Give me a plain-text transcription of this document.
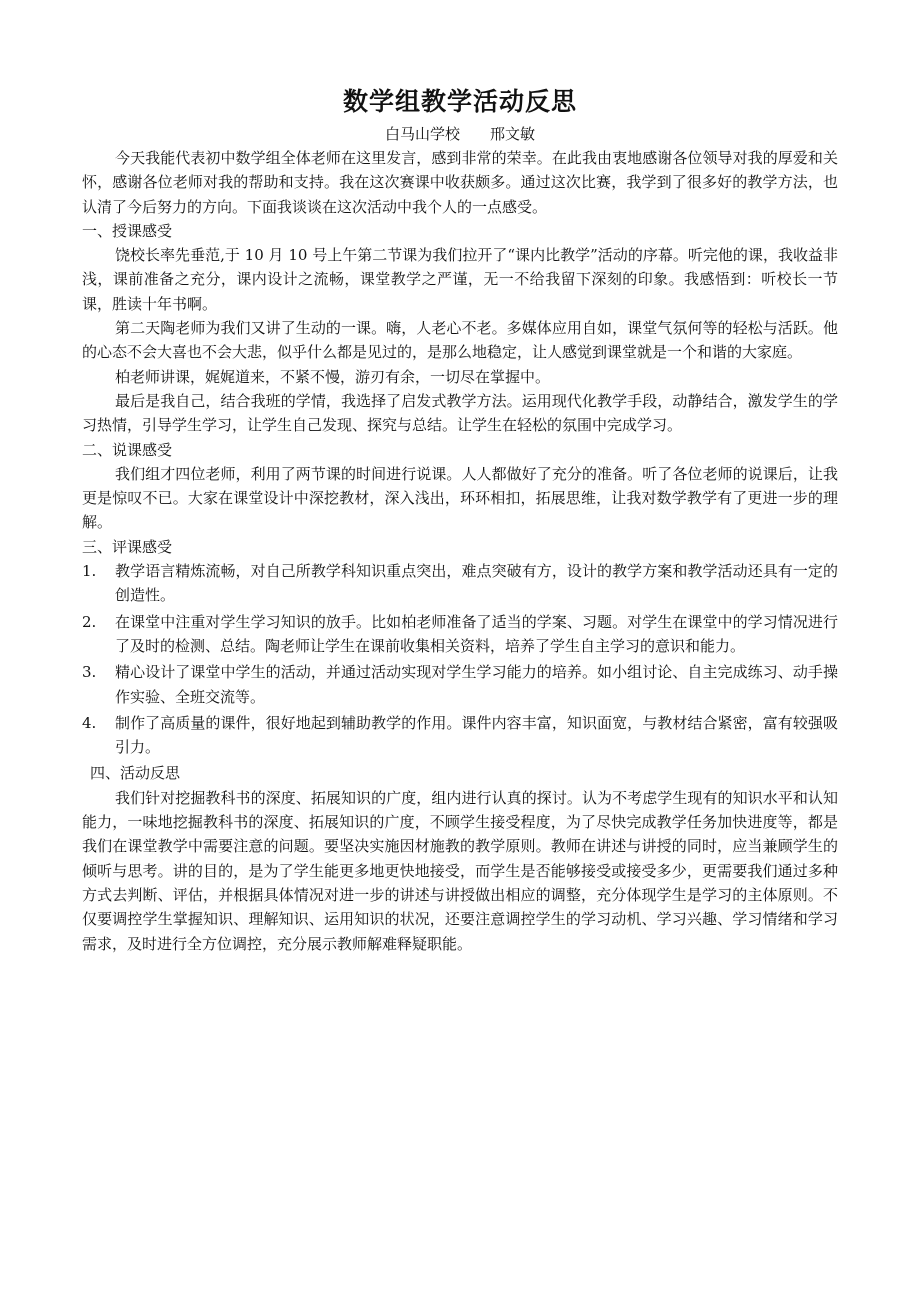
数学组教学活动反思
白马山学校 邢文敏

今天我能代表初中数学组全体老师在这里发言，感到非常的荣幸。在此我由衷地感谢各位领导对我的厚爱和关怀，感谢各位老师对我的帮助和支持。我在这次赛课中收获颇多。通过这次比赛，我学到了很多好的教学方法，也认清了今后努力的方向。下面我谈谈在这次活动中我个人的一点感受。

一、授课感受

饶校长率先垂范,于 10 月 10 号上午第二节课为我们拉开了“课内比教学”活动的序幕。听完他的课，我收益非浅，课前准备之充分，课内设计之流畅，课堂教学之严谨，无一不给我留下深刻的印象。我感悟到：听校长一节课，胜读十年书啊。

第二天陶老师为我们又讲了生动的一课。嗨，人老心不老。多媒体应用自如，课堂气氛何等的轻松与活跃。他的心态不会大喜也不会大悲，似乎什么都是见过的，是那么地稳定，让人感觉到课堂就是一个和谐的大家庭。

柏老师讲课，娓娓道来，不紧不慢，游刃有余，一切尽在掌握中。

最后是我自己，结合我班的学情，我选择了启发式教学方法。运用现代化教学手段，动静结合，激发学生的学习热情，引导学生学习，让学生自己发现、探究与总结。让学生在轻松的氛围中完成学习。

二、说课感受

我们组才四位老师，利用了两节课的时间进行说课。人人都做好了充分的准备。听了各位老师的说课后，让我更是惊叹不已。大家在课堂设计中深挖教材，深入浅出，环环相扣，拓展思维，让我对数学教学有了更进一步的理解。

三、评课感受
1.	教学语言精炼流畅，对自己所教学科知识重点突出，难点突破有方，设计的教学方案和教学活动还具有一定的创造性。
2.	在课堂中注重对学生学习知识的放手。比如柏老师准备了适当的学案、习题。对学生在课堂中的学习情况进行了及时的检测、总结。陶老师让学生在课前收集相关资料，培养了学生自主学习的意识和能力。
3.	精心设计了课堂中学生的活动，并通过活动实现对学生学习能力的培养。如小组讨论、自主完成练习、动手操作实验、全班交流等。
4.	制作了高质量的课件，很好地起到辅助教学的作用。课件内容丰富，知识面宽，与教材结合紧密，富有较强吸引力。
四、活动反思

我们针对挖掘教科书的深度、拓展知识的广度，组内进行认真的探讨。认为不考虑学生现有的知识水平和认知能力，一味地挖掘教科书的深度、拓展知识的广度，不顾学生接受程度，为了尽快完成教学任务加快进度等，都是我们在课堂教学中需要注意的问题。要坚决实施因材施教的教学原则。教师在讲述与讲授的同时，应当兼顾学生的倾听与思考。讲的目的，是为了学生能更多地更快地接受，而学生是否能够接受或接受多少，更需要我们通过多种方式去判断、评估，并根据具体情况对进一步的讲述与讲授做出相应的调整，充分体现学生是学习的主体原则。不仅要调控学生掌握知识、理解知识、运用知识的状况，还要注意调控学生的学习动机、学习兴趣、学习情绪和学习需求，及时进行全方位调控，充分展示教师解难释疑职能。
